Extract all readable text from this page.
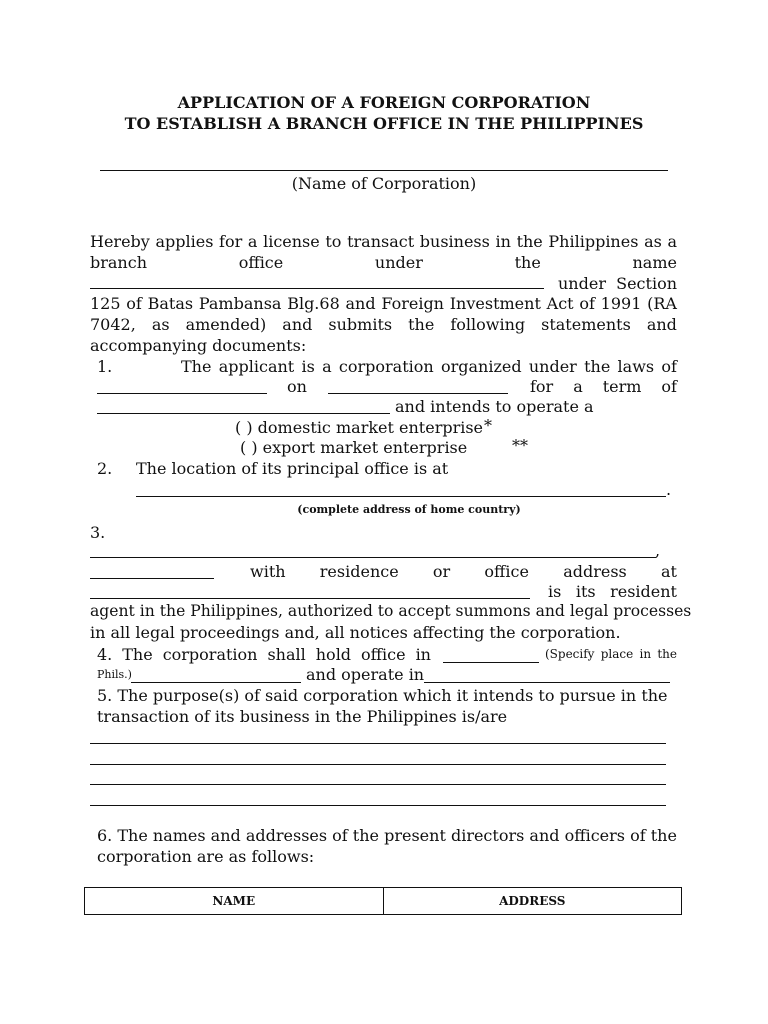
APPLICATION OF A FOREIGN CORPORATION
TO ESTABLISH A BRANCH OFFICE IN THE PHILIPPINES
(Name of Corporation)
Hereby applies for a license to transact business in the Philippines as a
branch	office	under	the	name
under Section
125 of Batas Pambansa Blg.68 and Foreign Investment Act of 1991 (RA
7042, as amended) and submits the following statements and
accompanying documents:
1.	The applicant is a corporation organized under the laws of
on	for a term of
and intends to operate a
( ) domestic market enterprise *
( ) export market enterprise	**
2. The location of its principal office is at
.
(complete address of home country)
3.
,
with residence or office address at
is its resident
agent in the Philippines, authorized to accept summons and legal processes
in all legal proceedings and, all notices affecting the corporation.
4. The corporation shall hold office in	(Specify place in the
Phils.)	and operate in
5. The purpose(s) of said corporation which it intends to pursue in the
transaction of its business in the Philippines is/are
6. The names and addresses of the present directors and officers of the
corporation are as follows:
NAME	ADDRESS
